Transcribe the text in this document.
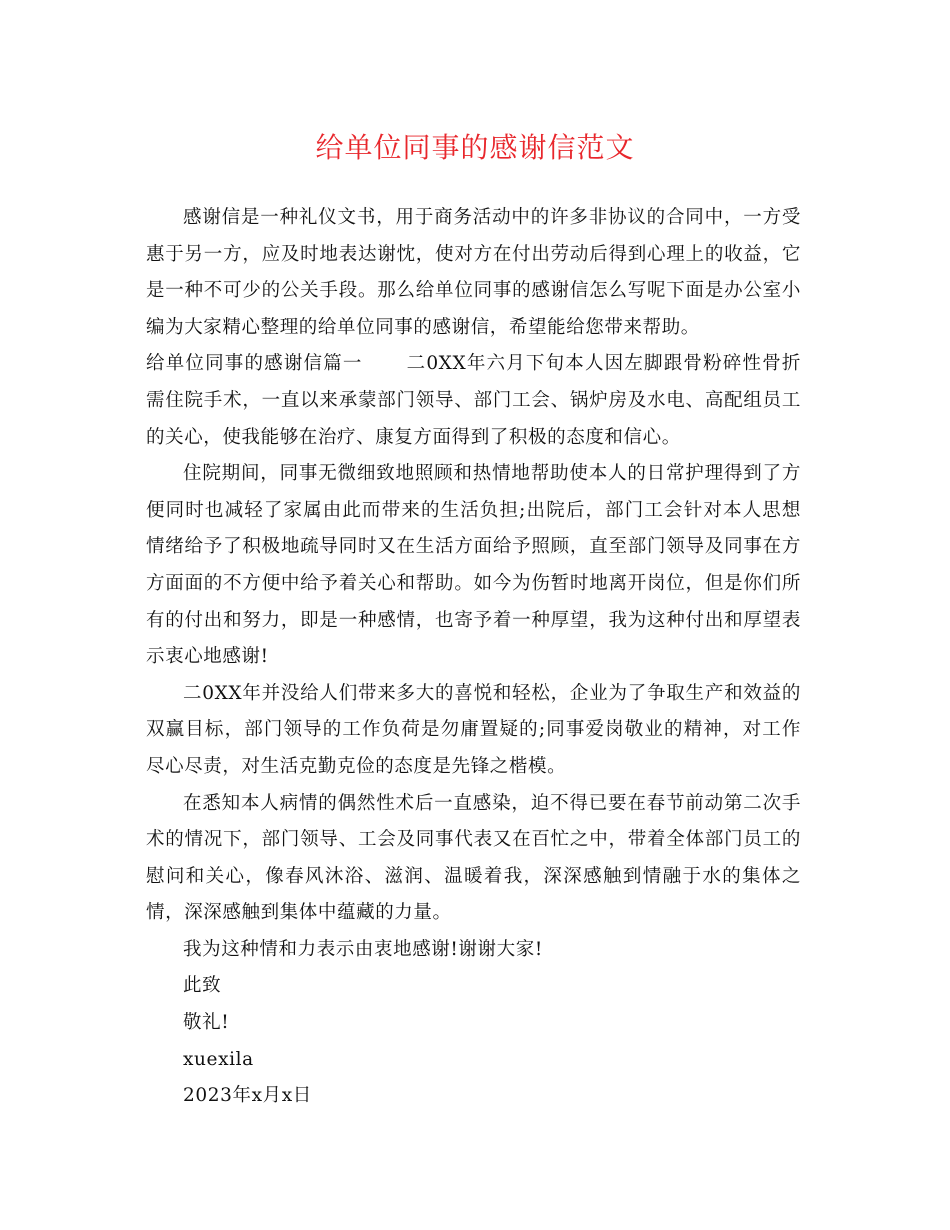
给单位同事的感谢信范文

感谢信是一种礼仪文书，用于商务活动中的许多非协议的合同中，一方受惠于另一方，应及时地表达谢忱，使对方在付出劳动后得到心理上的收益，它是一种不可少的公关手段。那么给单位同事的感谢信怎么写呢下面是办公室小编为大家精心整理的给单位同事的感谢信，希望能给您带来帮助。

给单位同事的感谢信篇一 二0XX年六月下旬本人因左脚跟骨粉碎性骨折需住院手术，一直以来承蒙部门领导、部门工会、锅炉房及水电、高配组员工的关心，使我能够在治疗、康复方面得到了积极的态度和信心。

住院期间，同事无微细致地照顾和热情地帮助使本人的日常护理得到了方便同时也减轻了家属由此而带来的生活负担;出院后，部门工会针对本人思想情绪给予了积极地疏导同时又在生活方面给予照顾，直至部门领导及同事在方方面面的不方便中给予着关心和帮助。如今为伤暂时地离开岗位，但是你们所有的付出和努力，即是一种感情，也寄予着一种厚望，我为这种付出和厚望表示衷心地感谢!

二0XX年并没给人们带来多大的喜悦和轻松，企业为了争取生产和效益的双赢目标，部门领导的工作负荷是勿庸置疑的;同事爱岗敬业的精神，对工作尽心尽责，对生活克勤克俭的态度是先锋之楷模。

在悉知本人病情的偶然性术后一直感染，迫不得已要在春节前动第二次手术的情况下，部门领导、工会及同事代表又在百忙之中，带着全体部门员工的慰问和关心，像春风沐浴、滋润、温暖着我，深深感触到情融于水的集体之情，深深感触到集体中蕴藏的力量。

我为这种情和力表示由衷地感谢!谢谢大家!

此致

敬礼!

xuexila

2023年x月x日
